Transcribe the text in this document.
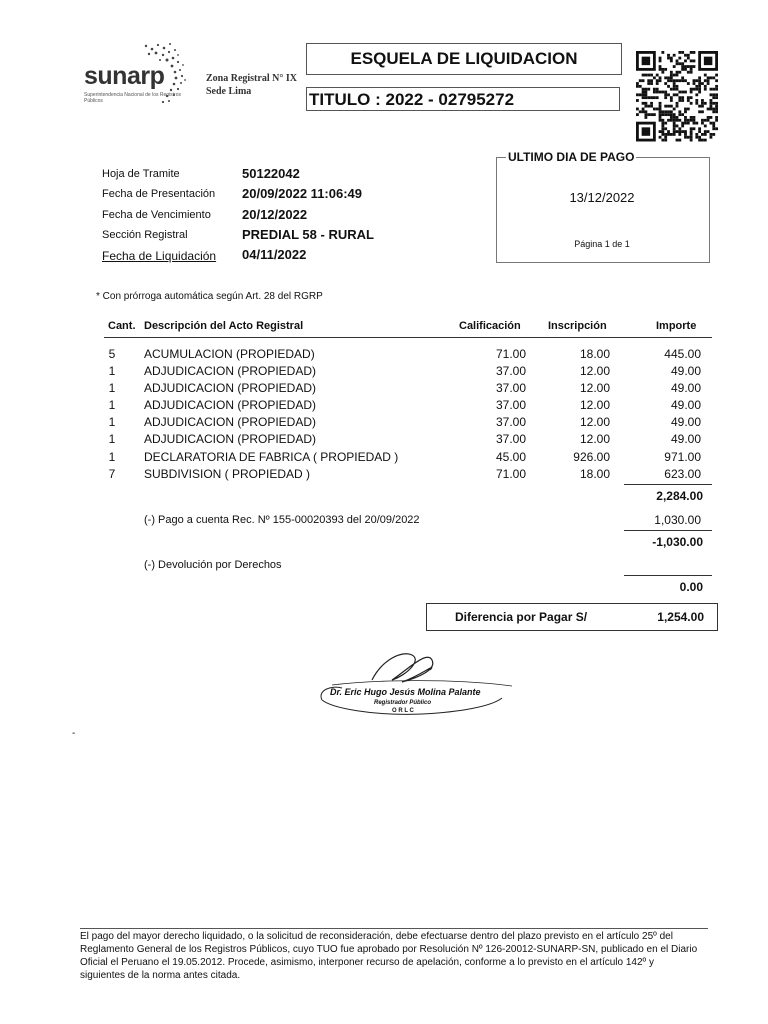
sunarp
Superintendencia Nacional de los Registros Públicos
Zona Registral N° IX
Sede Lima
ESQUELA DE LIQUIDACION
TITULO : 2022 - 02795272
ULTIMO DIA DE PAGO
13/12/2022
Página 1 de 1
Hoja de Tramite	50122042
Fecha de Presentación 20/09/2022 11:06:49
Fecha de Vencimiento 20/12/2022
Sección Registral	PREDIAL 58 - RURAL
Fecha de Liquidación 04/11/2022
* Con prórroga automática según Art. 28 del RGRP
Cant. Descripción del Acto Registral	Calificación Inscripción	Importe
5 ACUMULACION (PROPIEDAD)	71.00	18.00	445.00
1 ADJUDICACION (PROPIEDAD)	37.00	12.00	49.00
1 ADJUDICACION (PROPIEDAD)	37.00	12.00	49.00
1 ADJUDICACION (PROPIEDAD)	37.00	12.00	49.00
1 ADJUDICACION (PROPIEDAD)	37.00	12.00	49.00
1 ADJUDICACION (PROPIEDAD)	37.00	12.00	49.00
1 DECLARATORIA DE FABRICA ( PROPIEDAD )	45.00	926.00	971.00
7 SUBDIVISION ( PROPIEDAD )	71.00	18.00	623.00
2,284.00
(-) Pago a cuenta Rec. Nº 155-00020393 del 20/09/2022	1,030.00
-1,030.00
(-) Devolución por Derechos
0.00
Diferencia por Pagar S/	1,254.00
Dr. Eric Hugo Jesús Molina Palante
Registrador Público
O R L C
-
El pago del mayor derecho liquidado, o la solicitud de reconsideración, debe efectuarse dentro del plazo previsto en el artículo 25º del Reglamento General de los Registros Públicos, cuyo TUO fue aprobado por Resolución Nº 126-20012-SUNARP-SN, publicado en el Diario Oficial el Peruano el 19.05.2012. Procede, asimismo, interponer recurso de apelación, conforme a lo previsto en el artículo 142º y siguientes de la norma antes citada.
